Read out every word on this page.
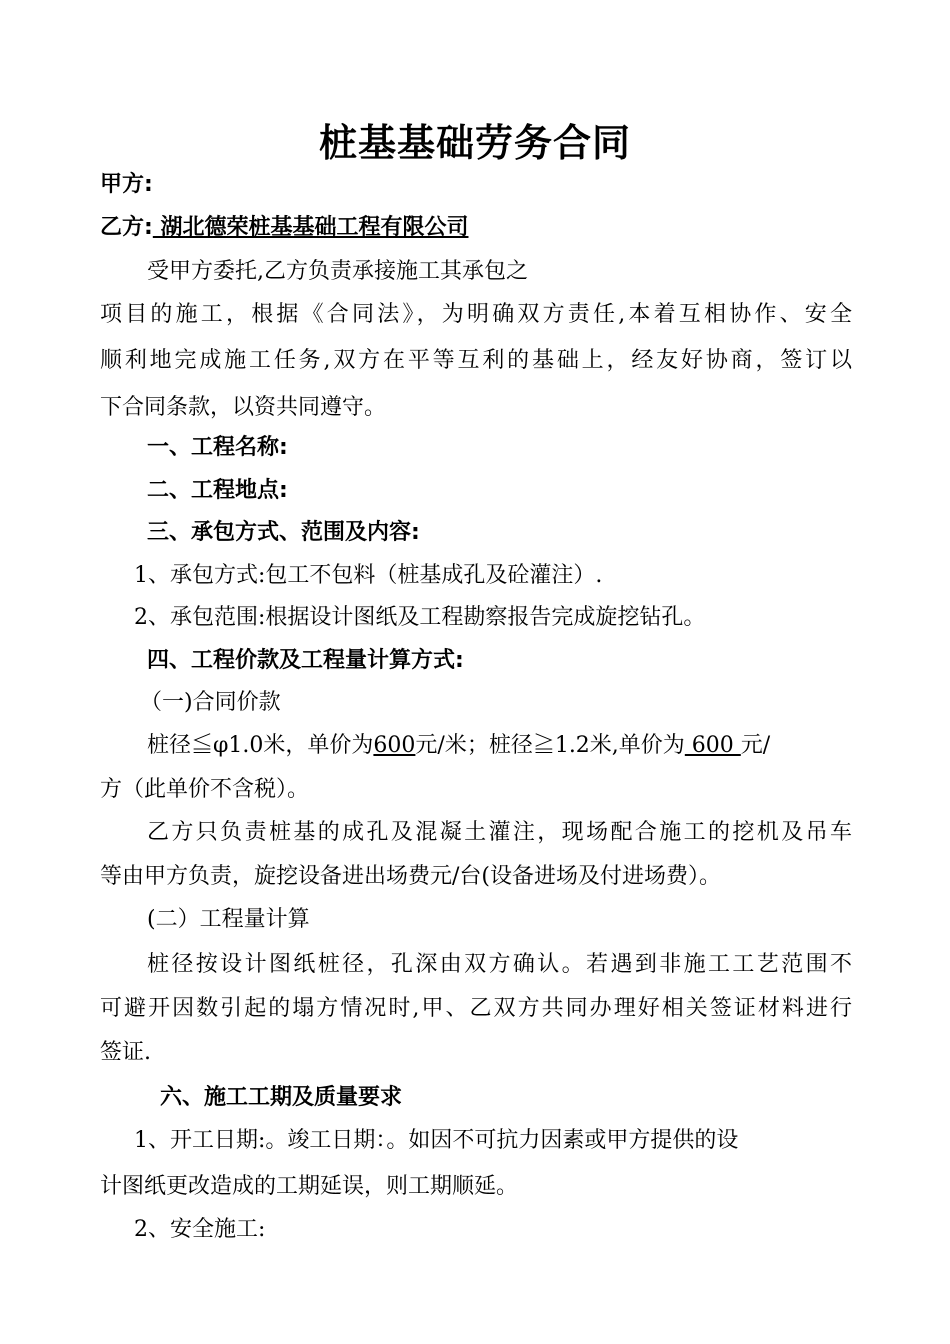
桩基基础劳务合同
甲方:
乙方: 湖北德荣桩基基础工程有限公司
受甲方委托,乙方负责承接施工其承包之
项目的施工，根据《合同法》，为明确双方责任,本着互相协作、安全
顺利地完成施工任务,双方在平等互利的基础上，经友好协商，签订以
下合同条款，以资共同遵守。
一、工程名称:
二、工程地点:
三、承包方式、范围及内容:
1、承包方式:包工不包料（桩基成孔及砼灌注）.
2、承包范围:根据设计图纸及工程勘察报告完成旋挖钻孔。
四、工程价款及工程量计算方式:
（一)合同价款
桩径≦φ1.0米，单价为600元/米；桩径≧1.2米,单价为 600 元/
方（此单价不含税）。
乙方只负责桩基的成孔及混凝土灌注，现场配合施工的挖机及吊车
等由甲方负责，旋挖设备进出场费元/台(设备进场及付进场费）。
(二）工程量计算
桩径按设计图纸桩径，孔深由双方确认。若遇到非施工工艺范围不
可避开因数引起的塌方情况时,甲、乙双方共同办理好相关签证材料进行
签证.
六、施工工期及质量要求
1、开工日期:。竣工日期：。如因不可抗力因素或甲方提供的设
计图纸更改造成的工期延误，则工期顺延。
2、安全施工:
